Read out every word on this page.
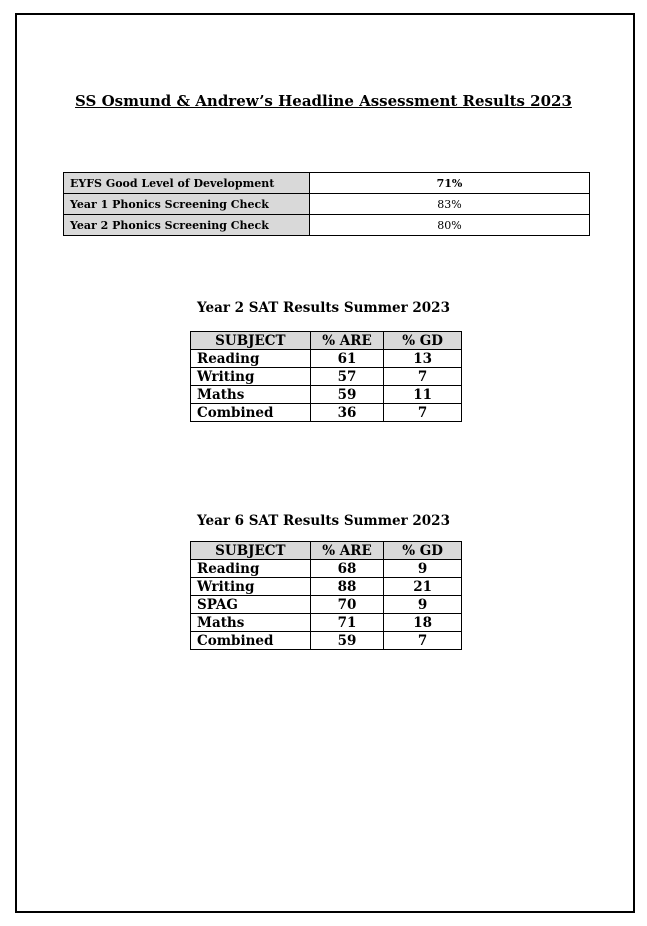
SS Osmund & Andrew’s Headline Assessment Results 2023
EYFS Good Level of Development	71%
Year 1 Phonics Screening Check	83%
Year 2 Phonics Screening Check	80%
Year 2 SAT Results Summer 2023
SUBJECT	% ARE	% GD
Reading	61	13
Writing	57	7
Maths	59	11
Combined	36	7
Year 6 SAT Results Summer 2023
SUBJECT	% ARE	% GD
Reading	68	9
Writing	88	21
SPAG	70	9
Maths	71	18
Combined	59	7
